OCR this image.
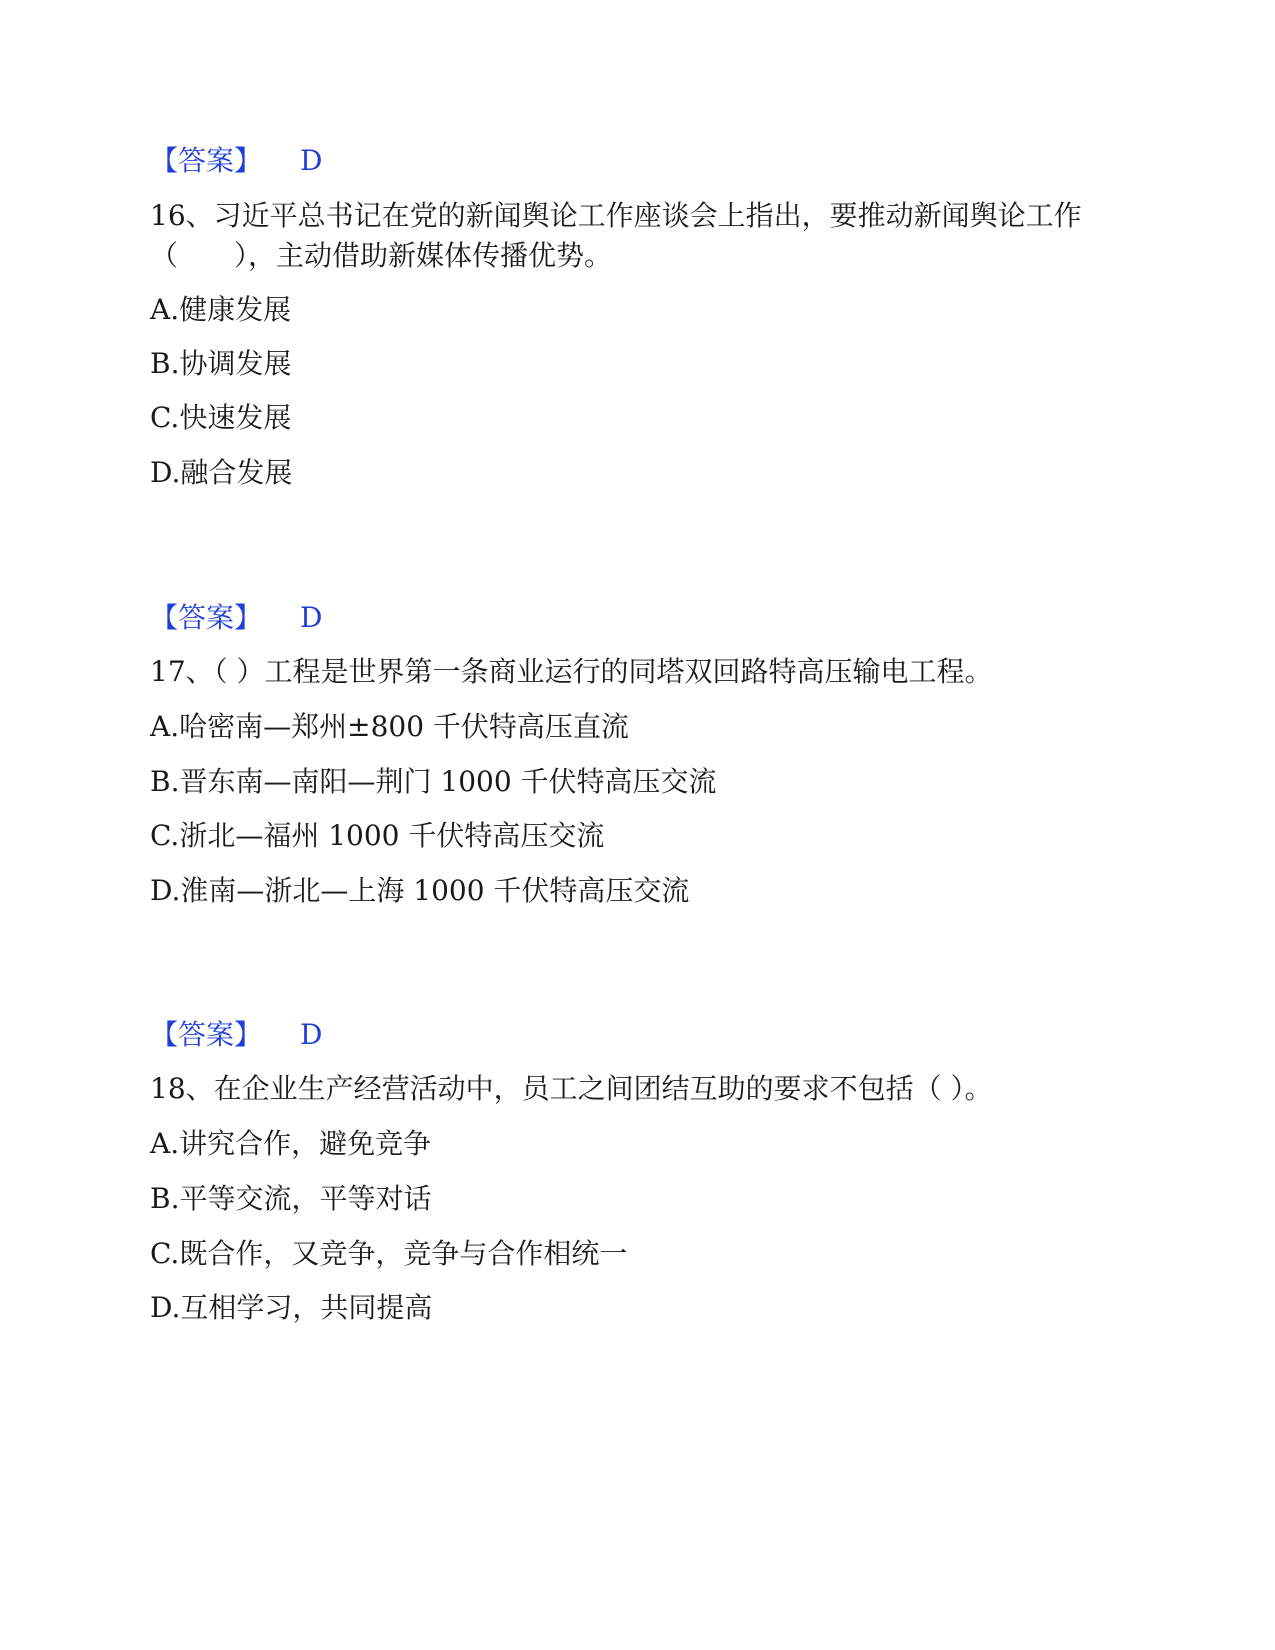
【答案】 D
16、习近平总书记在党的新闻舆论工作座谈会上指出，要推动新闻舆论工作
（　　），主动借助新媒体传播优势。
A.健康发展
B.协调发展
C.快速发展
D.融合发展
【答案】 D
17、（ ）工程是世界第一条商业运行的同塔双回路特高压输电工程。
A.哈密南—郑州±800 千伏特高压直流
B.晋东南—南阳—荆门 1000 千伏特高压交流
C.浙北—福州 1000 千伏特高压交流
D.淮南—浙北—上海 1000 千伏特高压交流
【答案】 D
18、在企业生产经营活动中，员工之间团结互助的要求不包括（ ）。
A.讲究合作，避免竞争
B.平等交流，平等对话
C.既合作，又竞争，竞争与合作相统一
D.互相学习，共同提高
